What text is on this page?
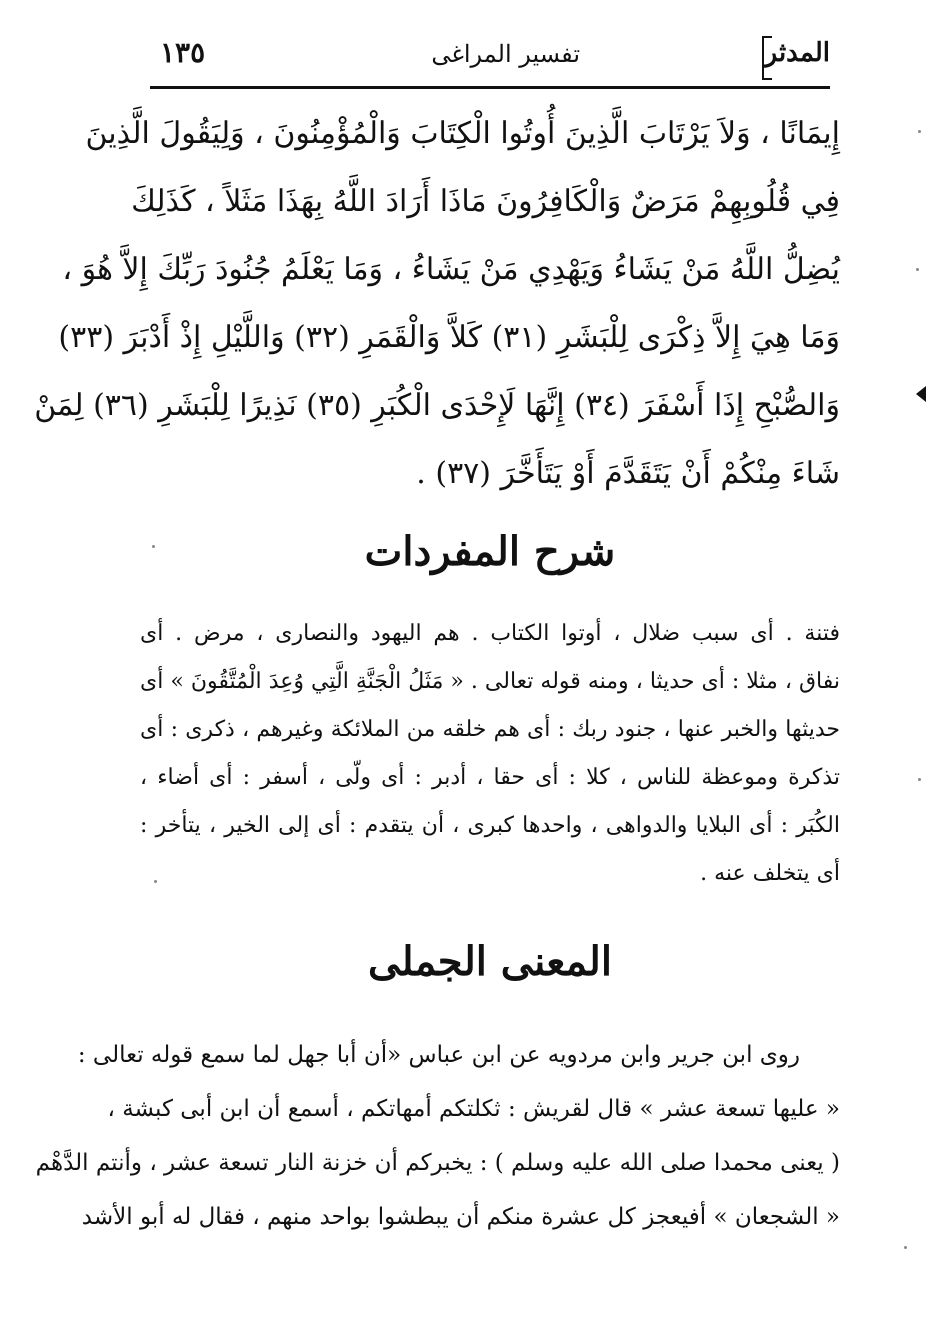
المدثر
تفسير المراغى
١٣٥
إِيمَانًا ، وَلاَ يَرْتَابَ الَّذِينَ أُوتُوا الْكِتَابَ وَالْمُؤْمِنُونَ ، وَلِيَقُولَ الَّذِينَ
فِي قُلُوبِهِمْ مَرَضٌ وَالْكَافِرُونَ مَاذَا أَرَادَ اللَّهُ بِهَذَا مَثَلاً ، كَذَلِكَ
يُضِلُّ اللَّهُ مَنْ يَشَاءُ وَيَهْدِي مَنْ يَشَاءُ ، وَمَا يَعْلَمُ جُنُودَ رَبِّكَ إِلاَّ هُوَ ،
وَمَا هِيَ إِلاَّ ذِكْرَى لِلْبَشَرِ (٣١) كَلاَّ وَالْقَمَرِ (٣٢) وَاللَّيْلِ إِذْ أَدْبَرَ (٣٣)
وَالصُّبْحِ إِذَا أَسْفَرَ (٣٤) إِنَّهَا لَإِحْدَى الْكُبَرِ (٣٥) نَذِيرًا لِلْبَشَرِ (٣٦) لِمَنْ
شَاءَ مِنْكُمْ أَنْ يَتَقَدَّمَ أَوْ يَتَأَخَّرَ (٣٧) .
شرح المفردات
فتنة . أى سبب ضلال ، أوتوا الكتاب . هم اليهود والنصارى ، مرض . أى
نفاق ، مثلا : أى حديثا ، ومنه قوله تعالى . « مَثَلُ الْجَنَّةِ الَّتِي وُعِدَ الْمُتَّقُونَ » أى
حديثها والخبر عنها ، جنود ربك : أى هم خلقه من الملائكة وغيرهم ، ذكرى : أى
تذكرة وموعظة للناس ، كلا : أى حقا ، أدبر : أى ولّى ، أسفر : أى أضاء ،
الكُبَر : أى البلايا والدواهى ، واحدها كبرى ، أن يتقدم : أى إلى الخير ، يتأخر :
أى يتخلف عنه .
المعنى الجملى
روى ابن جرير وابن مردويه عن ابن عباس «أن أبا جهل لما سمع قوله تعالى :
« عليها تسعة عشر » قال لقريش : ثكلتكم أمهاتكم ، أسمع أن ابن أبى كبشة ،
( يعنى محمدا صلى الله عليه وسلم ) : يخبركم أن خزنة النار تسعة عشر ، وأنتم الدَّهْم
« الشجعان » أفيعجز كل عشرة منكم أن يبطشوا بواحد منهم ، فقال له أبو الأشد
